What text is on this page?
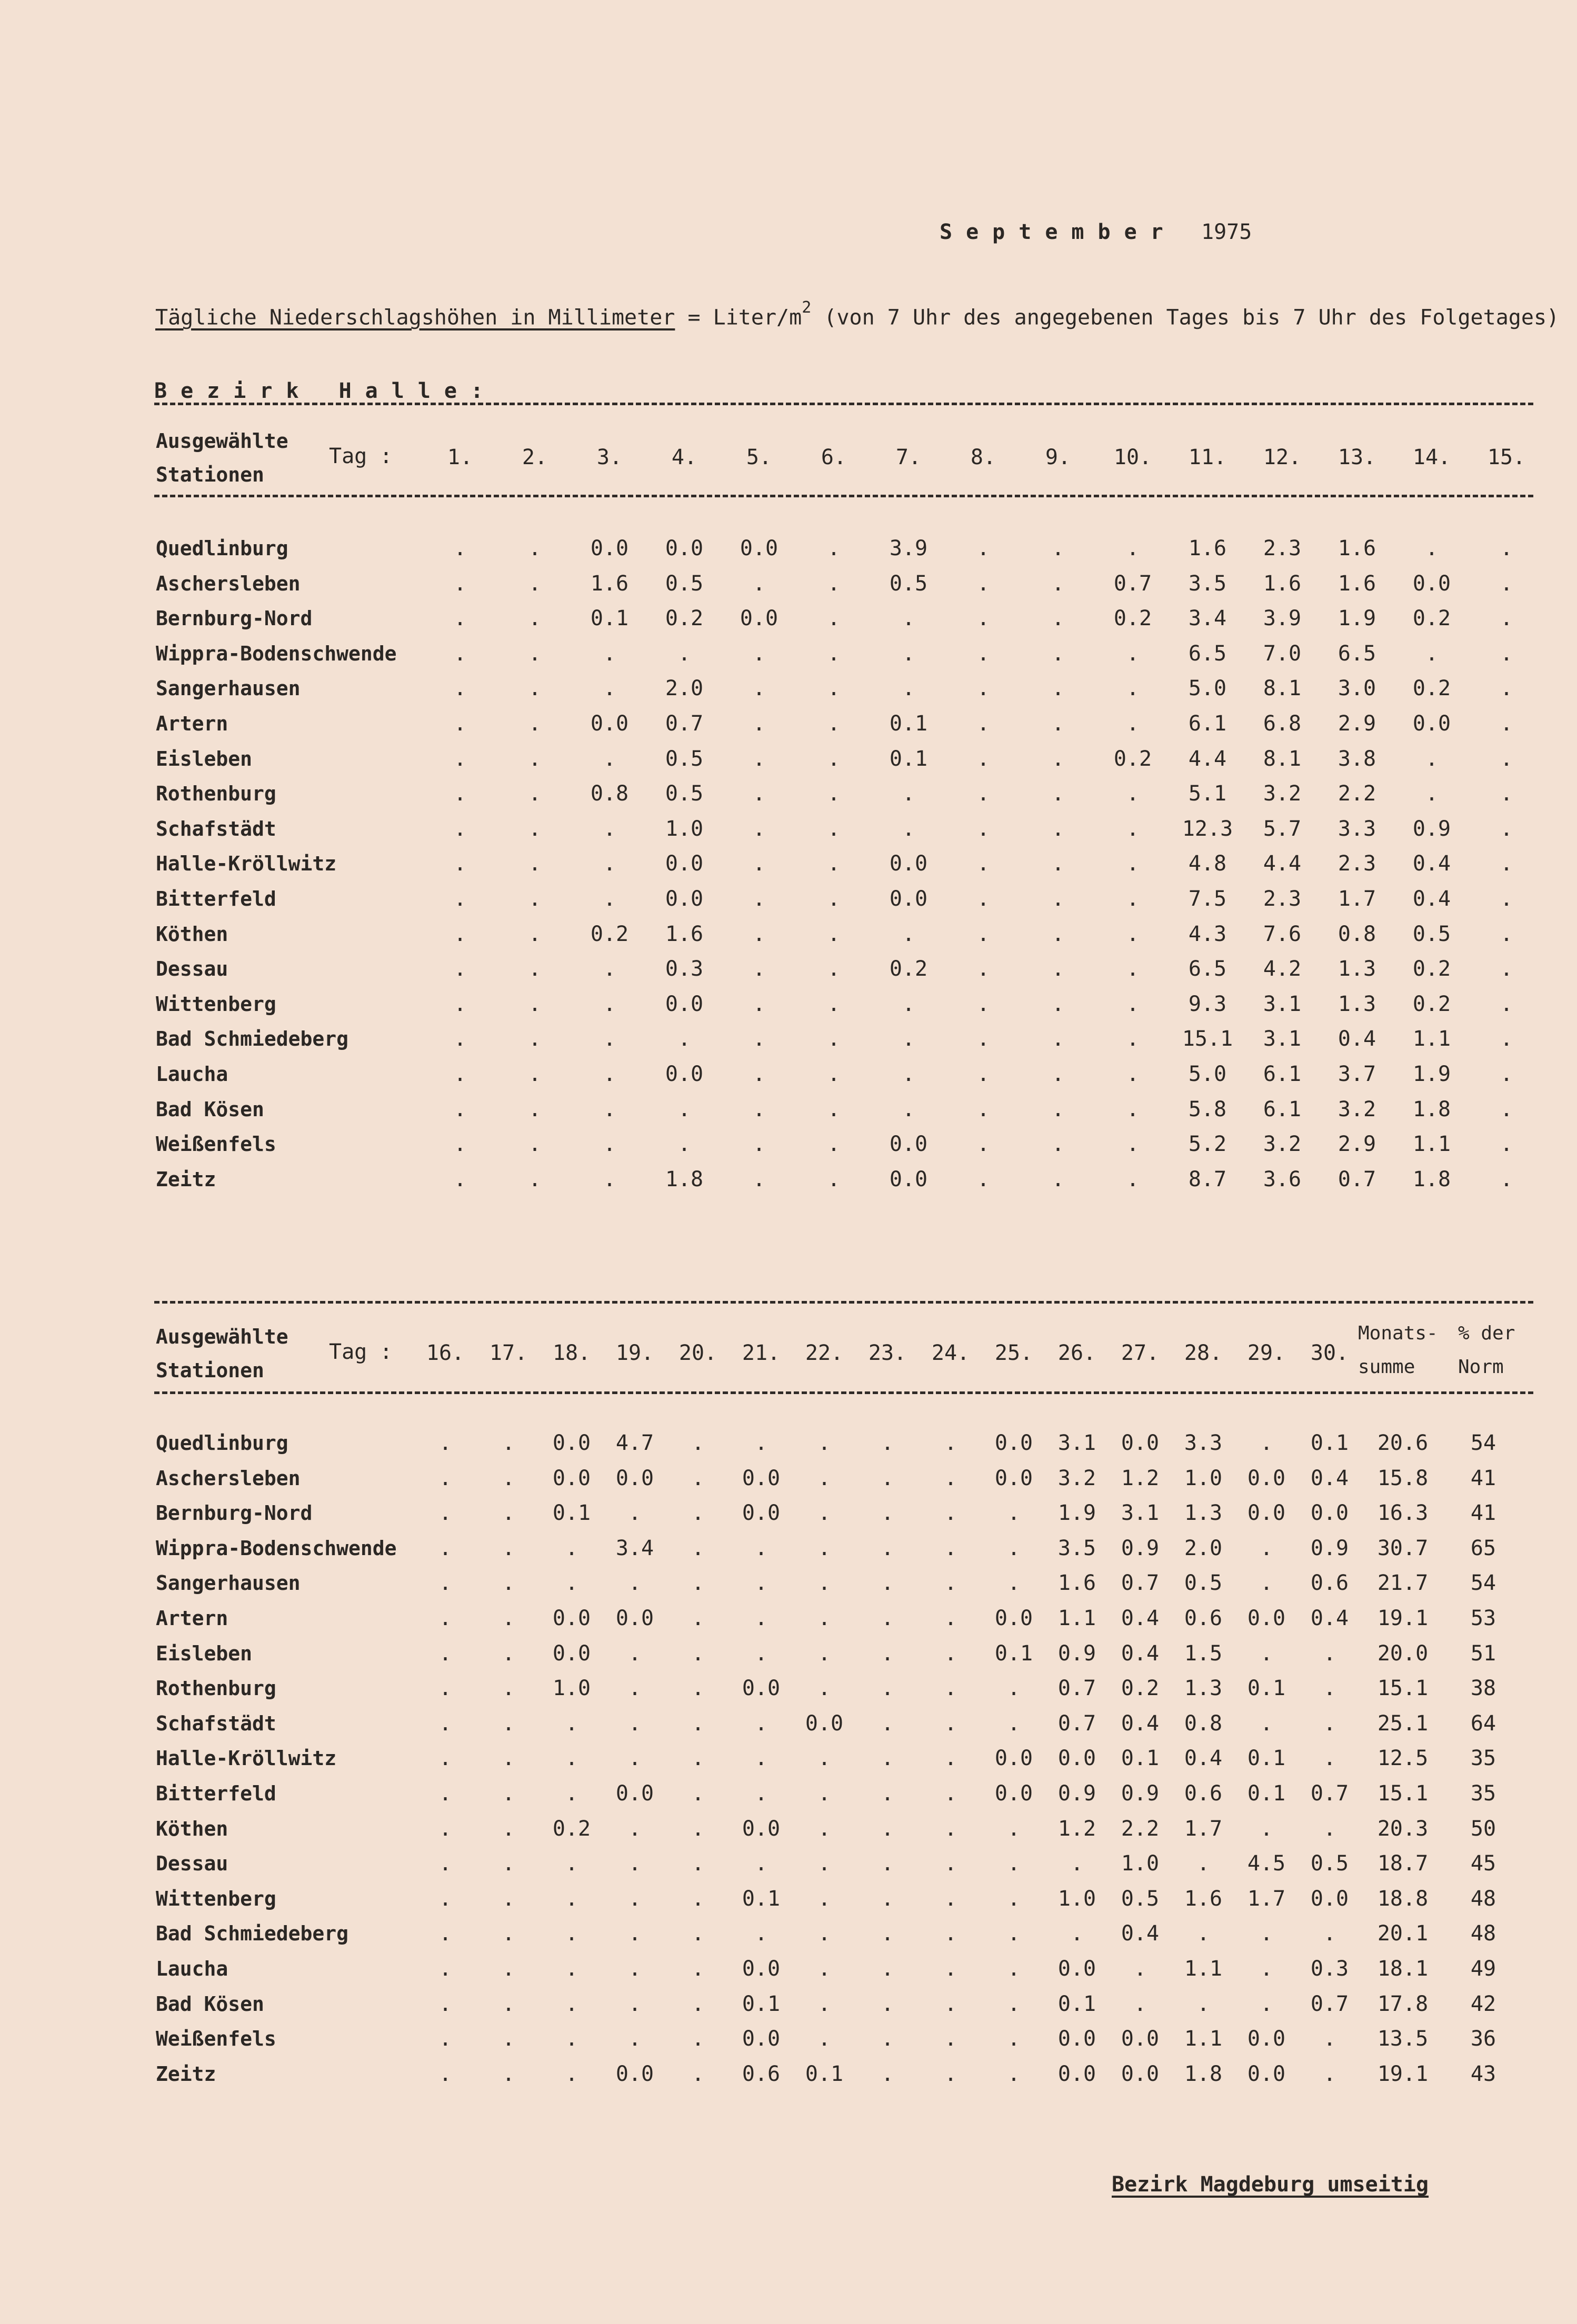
September 1975
Tägliche Niederschlagshöhen in Millimeter = Liter/$m^2$ (von 7 Uhr des angegebenen Tages bis 7 Uhr des Folgetages)
Bezirk Halle:
Ausgewählte
Stationen
Tag :	1.	2.	3.	4.	5.	6.	7.	8.	9.	10.	11.	12.	13.	14.	15.
Quedlinburg	.	.	0.0	0.0	0.0	.	3.9	.	.	.	1.6	2.3	1.6	.	.
Aschersleben	.	.	1.6	0.5	.	.	0.5	.	.	0.7	3.5	1.6	1.6	0.0	.
Bernburg-Nord	.	.	0.1	0.2	0.0	.	.	.	.	0.2	3.4	3.9	1.9	0.2	.
Wippra-Bodenschwende	.	.	.	.	.	.	.	.	.	.	6.5	7.0	6.5	.	.
Sangerhausen	.	.	.	2.0	.	.	.	.	.	.	5.0	8.1	3.0	0.2	.
Artern	.	.	0.0	0.7	.	.	0.1	.	.	.	6.1	6.8	2.9	0.0	.
Eisleben	.	.	.	0.5	.	.	0.1	.	.	0.2	4.4	8.1	3.8	.	.
Rothenburg	.	.	0.8	0.5	.	.	.	.	.	.	5.1	3.2	2.2	.	.
Schafstädt	.	.	.	1.0	.	.	.	.	.	.	12.3	5.7	3.3	0.9	.
Halle-Kröllwitz	.	.	.	0.0	.	.	0.0	.	.	.	4.8	4.4	2.3	0.4	.
Bitterfeld	.	.	.	0.0	.	.	0.0	.	.	.	7.5	2.3	1.7	0.4	.
Köthen	.	.	0.2	1.6	.	.	.	.	.	.	4.3	7.6	0.8	0.5	.
Dessau	.	.	.	0.3	.	.	0.2	.	.	.	6.5	4.2	1.3	0.2	.
Wittenberg	.	.	.	0.0	.	.	.	.	.	.	9.3	3.1	1.3	0.2	.
Bad Schmiedeberg	.	.	.	.	.	.	.	.	.	.	15.1	3.1	0.4	1.1	.
Laucha	.	.	.	0.0	.	.	.	.	.	.	5.0	6.1	3.7	1.9	.
Bad Kösen	.	.	.	.	.	.	.	.	.	.	5.8	6.1	3.2	1.8	.
Weißenfels	.	.	.	.	.	.	0.0	.	.	.	5.2	3.2	2.9	1.1	.
Zeitz	.	.	.	1.8	.	.	0.0	.	.	.	8.7	3.6	0.7	1.8	.
Ausgewählte
Stationen
Tag :	16.	17.	18.	19.	20.	21.	22.	23.	24.	25.	26.	27.	28.	29.	30.
Monats-
summe
% der
Norm
Quedlinburg	.	.	0.0	4.7	.	.	.	.	.	0.0	3.1	0.0	3.3	.	0.1	20.6	54
Aschersleben	.	.	0.0	0.0	.	0.0	.	.	.	0.0	3.2	1.2	1.0	0.0	0.4	15.8	41
Bernburg-Nord	.	.	0.1	.	.	0.0	.	.	.	.	1.9	3.1	1.3	0.0	0.0	16.3	41
Wippra-Bodenschwende	.	.	.	3.4	.	.	.	.	.	.	3.5	0.9	2.0	.	0.9	30.7	65
Sangerhausen	.	.	.	.	.	.	.	.	.	.	1.6	0.7	0.5	.	0.6	21.7	54
Artern	.	.	0.0	0.0	.	.	.	.	.	0.0	1.1	0.4	0.6	0.0	0.4	19.1	53
Eisleben	.	.	0.0	.	.	.	.	.	.	0.1	0.9	0.4	1.5	.	.	20.0	51
Rothenburg	.	.	1.0	.	.	0.0	.	.	.	.	0.7	0.2	1.3	0.1	.	15.1	38
Schafstädt	.	.	.	.	.	.	0.0	.	.	.	0.7	0.4	0.8	.	.	25.1	64
Halle-Kröllwitz	.	.	.	.	.	.	.	.	.	0.0	0.0	0.1	0.4	0.1	.	12.5	35
Bitterfeld	.	.	.	0.0	.	.	.	.	.	0.0	0.9	0.9	0.6	0.1	0.7	15.1	35
Köthen	.	.	0.2	.	.	0.0	.	.	.	.	1.2	2.2	1.7	.	.	20.3	50
Dessau	.	.	.	.	.	.	.	.	.	.	.	1.0	.	4.5	0.5	18.7	45
Wittenberg	.	.	.	.	.	0.1	.	.	.	.	1.0	0.5	1.6	1.7	0.0	18.8	48
Bad Schmiedeberg	.	.	.	.	.	.	.	.	.	.	.	0.4	.	.	.	20.1	48
Laucha	.	.	.	.	.	0.0	.	.	.	.	0.0	.	1.1	.	0.3	18.1	49
Bad Kösen	.	.	.	.	.	0.1	.	.	.	.	0.1	.	.	.	0.7	17.8	42
Weißenfels	.	.	.	.	.	0.0	.	.	.	.	0.0	0.0	1.1	0.0	.	13.5	36
Zeitz	.	.	.	0.0	.	0.6	0.1	.	.	.	0.0	0.0	1.8	0.0	.	19.1	43
Bezirk Magdeburg umseitig
